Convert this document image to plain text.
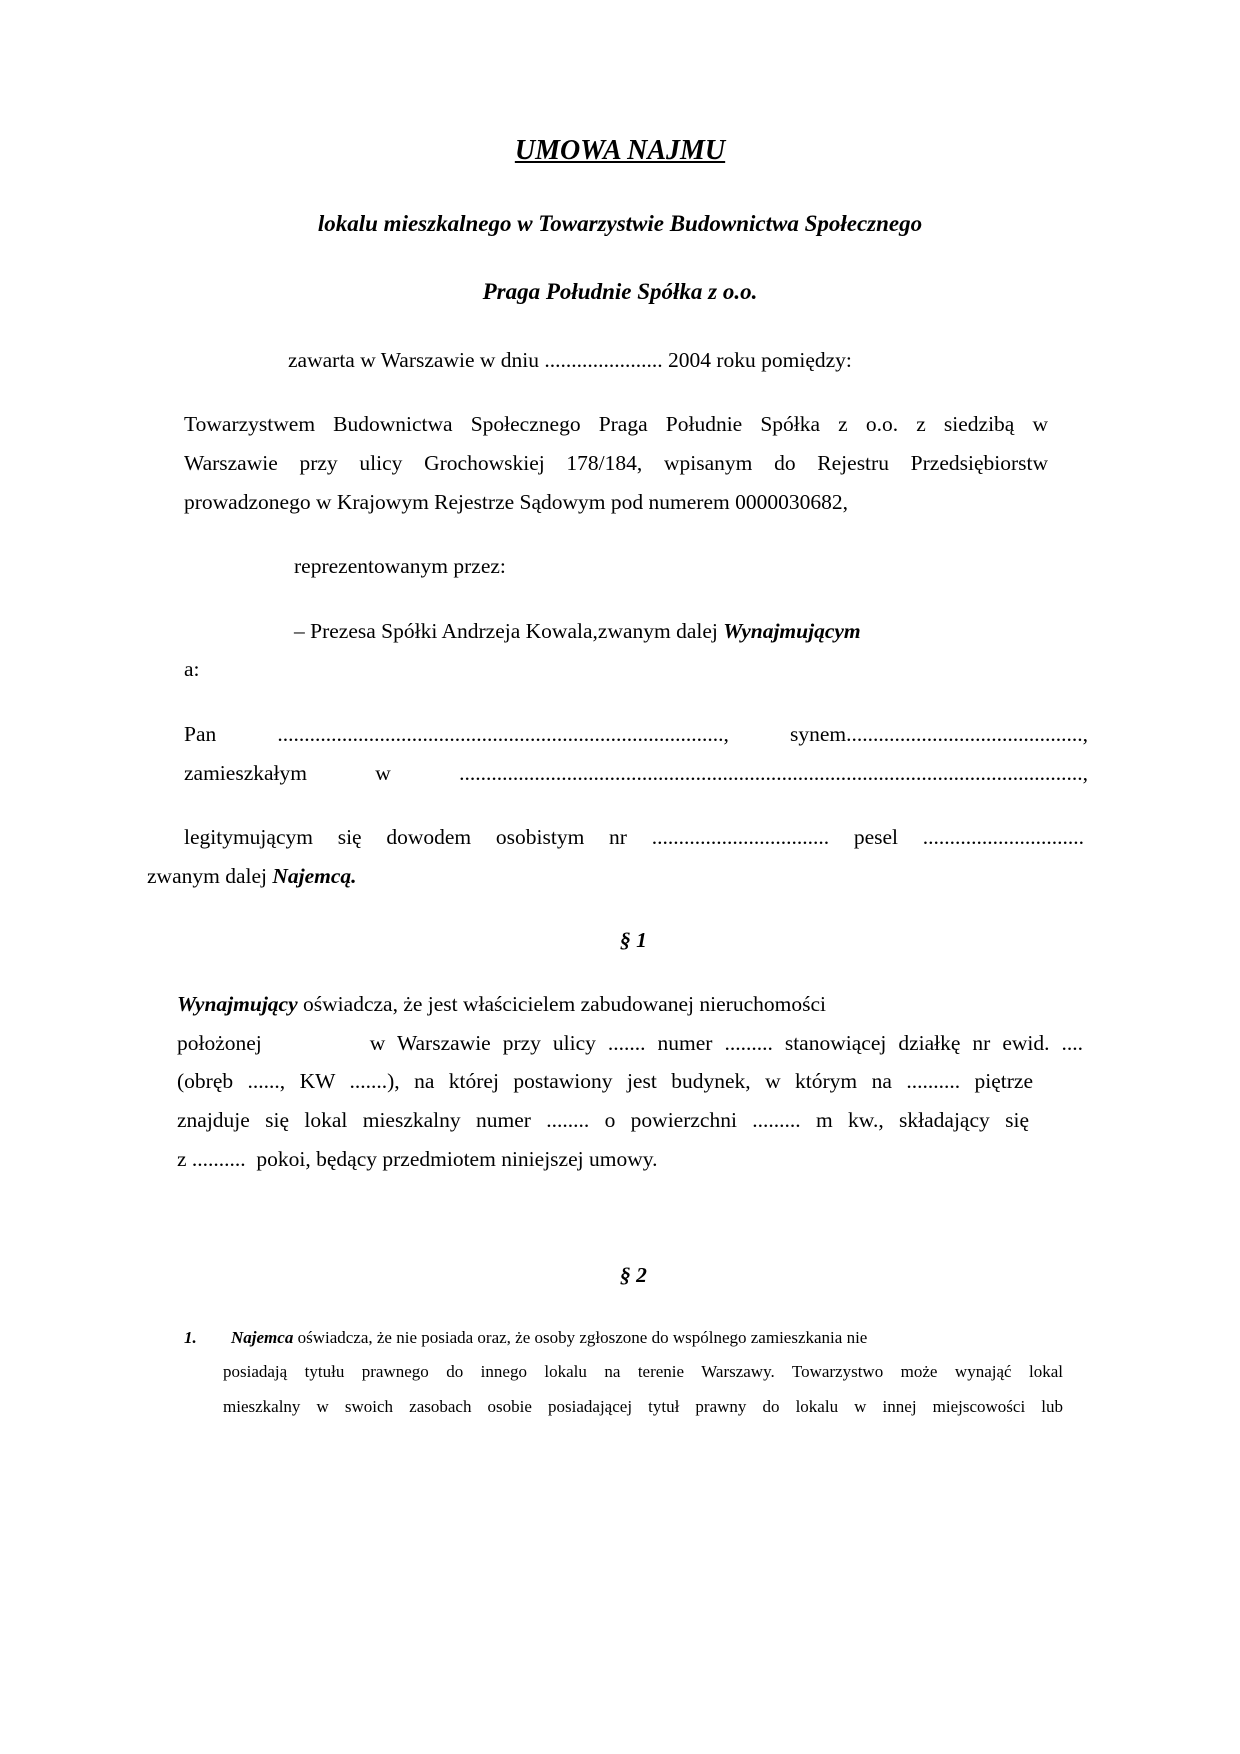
UMOWA NAJMU
lokalu mieszkalnego w Towarzystwie Budownictwa Społecznego
Praga Południe Spółka z o.o.
zawarta w Warszawie w dniu ...................... 2004 roku pomiędzy:
Towarzystwem Budownictwa Społecznego Praga Południe Spółka z o.o. z siedzibą w
Warszawie przy ulicy Grochowskiej 178/184, wpisanym do Rejestru Przedsiębiorstw
prowadzonego w Krajowym Rejestrze Sądowym pod numerem 0000030682,
reprezentowanym przez:
– Prezesa Spółki Andrzeja Kowala,zwanym dalej Wynajmującym
a:
Pan ..................................................................................., synem............................................,
zamieszkałym w ....................................................................................................................,
legitymującym się dowodem osobistym nr ................................. pesel ..............................
zwanym dalej Najemcą.
§ 1
Wynajmujący oświadcza, że jest właścicielem zabudowanej nieruchomości
położonej         w Warszawie przy ulicy ....... numer ......... stanowiącej działkę nr ewid. ....
(obręb ......, KW .......), na której postawiony jest budynek, w którym na .......... piętrze
znajduje się lokal mieszkalny numer ........ o powierzchni ......... m kw., składający się
z ..........  pokoi, będący przedmiotem niniejszej umowy.
§ 2
1. Najemca oświadcza, że nie posiada oraz, że osoby zgłoszone do wspólnego zamieszkania nie
posiadają tytułu prawnego do innego lokalu na terenie Warszawy. Towarzystwo może wynająć lokal
mieszkalny w swoich zasobach osobie posiadającej tytuł prawny do lokalu w innej miejscowości lub
